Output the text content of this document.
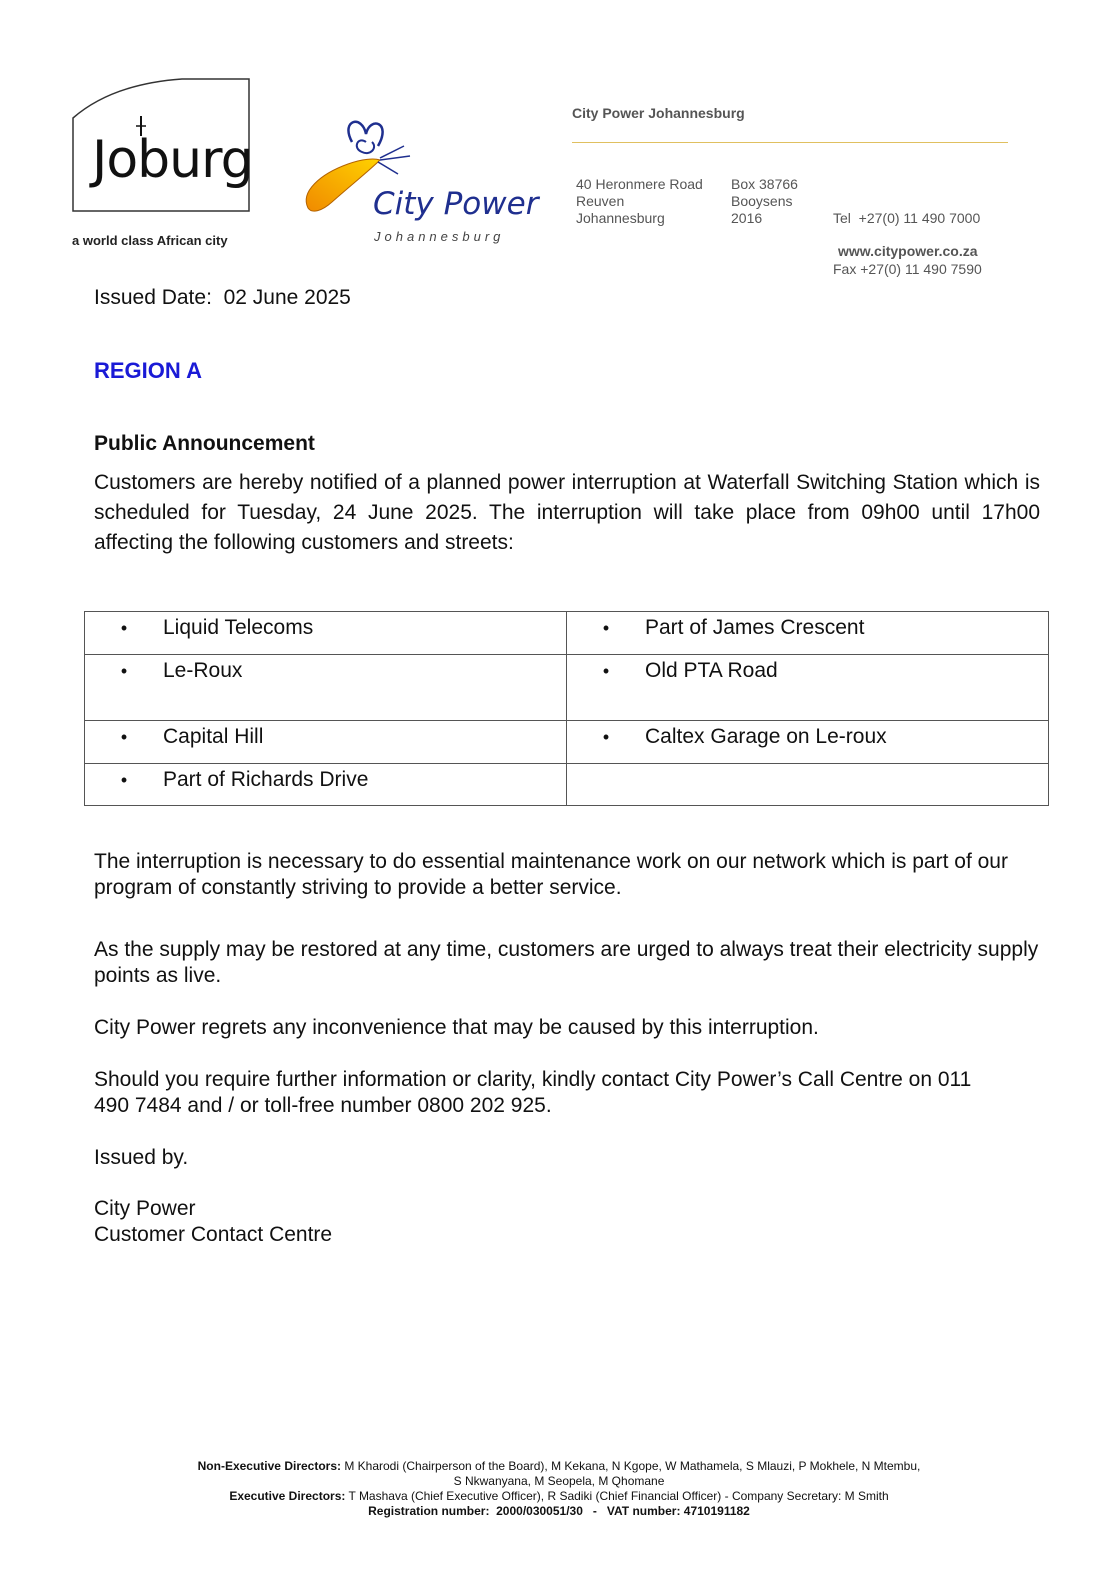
Joburg
a world class African city
City Power
Johannesburg
City Power Johannesburg
40 Heronmere Road
Reuven
Johannesburg
Box 38766
Booysens
2016

	Tel  +27(0) 11 490 7000

Fax +27(0) 11 490 7590

www.citypower.co.za
Issued Date:  02 June 2025
REGION A
Public Announcement
Customers are hereby notified of a planned power interruption at Waterfall Switching Station which is scheduled for Tuesday, 24 June 2025. The interruption will take place from 09h00 until 17h00 affecting the following customers and streets:
• Liquid Telecoms	• Part of James Crescent

• Le-Roux	• Old PTA Road

• Capital Hill	• Caltex Garage on Le-roux

• Part of Richards Drive	

The interruption is necessary to do essential maintenance work on our network which is part of our program of constantly striving to provide a better service.
As the supply may be restored at any time, customers are urged to always treat their electricity supply points as live.
City Power regrets any inconvenience that may be caused by this interruption.
Should you require further information or clarity, kindly contact City Power’s Call Centre on 011 490 7484 and / or toll-free number 0800 202 925.
Issued by.
City Power
Customer Contact Centre
Non-Executive Directors: M Kharodi (Chairperson of the Board), M Kekana, N Kgope, W Mathamela, S Mlauzi, P Mokhele, N Mtembu,
S Nkwanyana, M Seopela, M Qhomane
Executive Directors: T Mashava (Chief Executive Officer), R Sadiki (Chief Financial Officer) - Company Secretary: M Smith
Registration number:  2000/030051/30   -   VAT number: 4710191182
